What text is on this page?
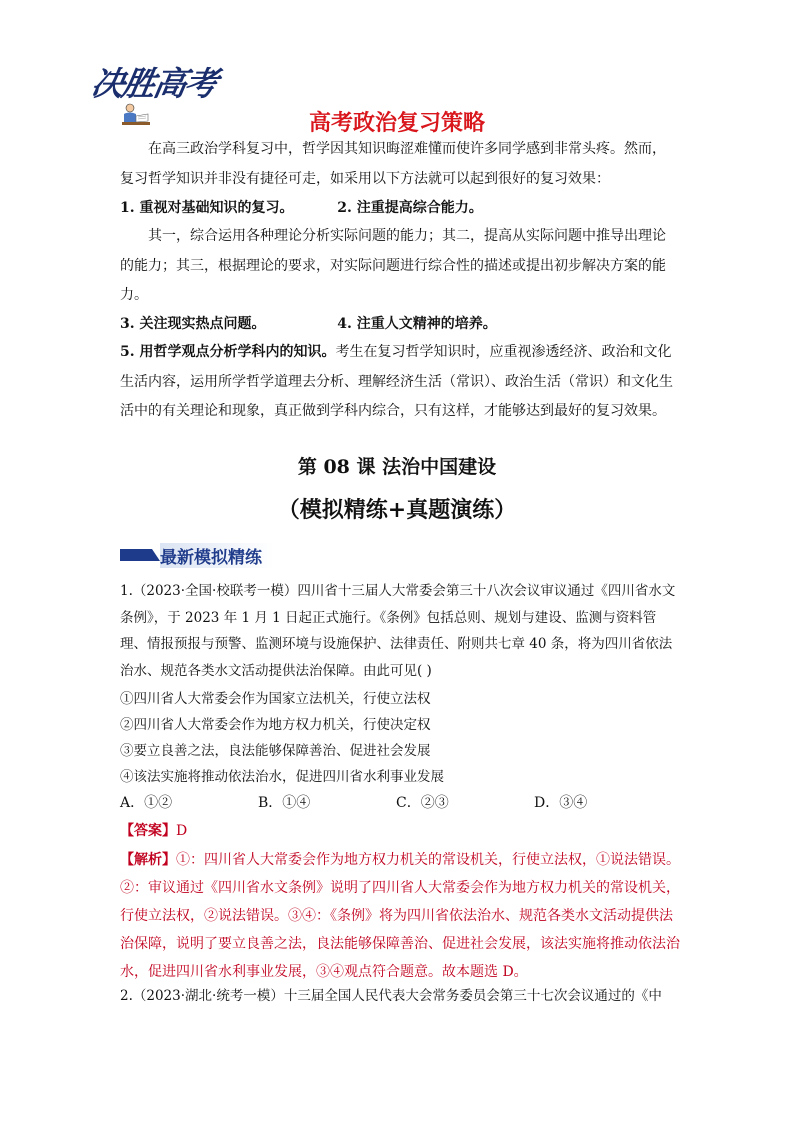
决胜高考
高考政治复习策略

在高三政治学科复习中，哲学因其知识晦涩难懂而使许多同学感到非常头疼。然而，复习哲学知识并非没有捷径可走，如采用以下方法就可以起到很好的复习效果：

1. 重视对基础知识的复习。	2. 注重提高综合能力。

其一，综合运用各种理论分析实际问题的能力；其二，提高从实际问题中推导出理论的能力；其三，根据理论的要求，对实际问题进行综合性的描述或提出初步解决方案的能力。

3. 关注现实热点问题。	4. 注重人文精神的培养。

5. 用哲学观点分析学科内的知识。考生在复习哲学知识时，应重视渗透经济、政治和文化生活内容，运用所学哲学道理去分析、理解经济生活（常识）、政治生活（常识）和文化生活中的有关理论和现象，真正做到学科内综合，只有这样，才能够达到最好的复习效果。

第 08 课 法治中国建设
（模拟精练+真题演练）
最新模拟精练

1.（2023·全国·校联考一模）四川省十三届人大常委会第三十八次会议审议通过《四川省水文条例》，于 2023 年 1 月 1 日起正式施行。《条例》包括总则、规划与建设、监测与资料管理、情报预报与预警、监测环境与设施保护、法律责任、附则共七章 40 条，将为四川省依法治水、规范各类水文活动提供法治保障。由此可见( )

①四川省人大常委会作为国家立法机关，行使立法权
②四川省人大常委会作为地方权力机关，行使决定权
③要立良善之法，良法能够保障善治、促进社会发展
④该法实施将推动依法治水，促进四川省水利事业发展
A．①②	B．①④	C．②③	D．③④
【答案】D

【解析】①：四川省人大常委会作为地方权力机关的常设机关，行使立法权，①说法错误。②：审议通过《四川省水文条例》说明了四川省人大常委会作为地方权力机关的常设机关，行使立法权，②说法错误。③④：《条例》将为四川省依法治水、规范各类水文活动提供法治保障，说明了要立良善之法，良法能够保障善治、促进社会发展，该法实施将推动依法治水，促进四川省水利事业发展，③④观点符合题意。故本题选 D。

2.（2023·湖北·统考一模）十三届全国人民代表大会常务委员会第三十七次会议通过的《中
